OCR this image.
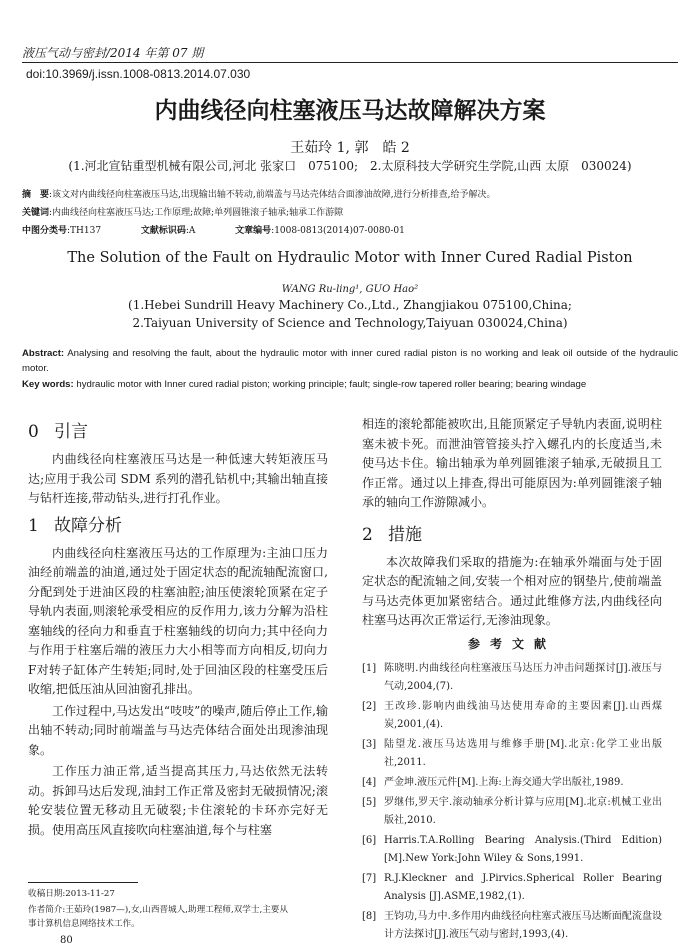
液压气动与密封/2014 年第 07 期
doi:10.3969/j.issn.1008-0813.2014.07.030
内曲线径向柱塞液压马达故障解决方案
王茹玲 1, 郭　皓 2
(1.河北宣钻重型机械有限公司,河北 张家口　075100;　2.太原科技大学研究生学院,山西 太原　030024)
摘　要:该文对内曲线径向柱塞液压马达,出现输出轴不转动,前端盖与马达壳体结合面渗油故障,进行分析排查,给予解决。
关键词:内曲线径向柱塞液压马达;工作原理;故障;单列圆锥滚子轴承;轴承工作游隙
中图分类号:TH137	文献标识码:A	文章编号:1008-0813(2014)07-0080-01
The Solution of the Fault on Hydraulic Motor with Inner Cured Radial Piston
WANG Ru-ling¹, GUO Hao²
(1.Hebei Sundrill Heavy Machinery Co.,Ltd., Zhangjiakou 075100,China;
2.Taiyuan University of Science and Technology,Taiyuan 030024,China)
Abstract: Analysing and resolving the fault, about the hydraulic motor with inner cured radial piston is no working and leak oil outside of the hydraulic motor.
Key words: hydraulic motor with Inner cured radial piston; working principle; fault; single-row tapered roller bearing; bearing windage
0 引言

内曲线径向柱塞液压马达是一种低速大转矩液压马达;应用于我公司 SDM 系列的潜孔钻机中;其输出轴直接与钻杆连接,带动钻头,进行打孔作业。

1 故障分析

内曲线径向柱塞液压马达的工作原理为:主油口压力油经前端盖的油道,通过处于固定状态的配流轴配流窗口,分配到处于进油区段的柱塞油腔;油压使滚轮顶紧在定子导轨内表面,则滚轮承受相应的反作用力,该力分解为沿柱塞轴线的径向力和垂直于柱塞轴线的切向力;其中径向力与作用于柱塞后端的液压力大小相等而方向相反,切向力F对转子缸体产生转矩;同时,处于回油区段的柱塞受压后收缩,把低压油从回油窗孔排出。

工作过程中,马达发出“吱吱”的噪声,随后停止工作,输出轴不转动;同时前端盖与马达壳体结合面处出现渗油现象。

工作压力油正常,适当提高其压力,马达依然无法转动。拆卸马达后发现,油封工作正常及密封无破损情况;滚轮安装位置无移动且无破裂;卡住滚轮的卡环亦完好无损。使用高压风直接吹向柱塞油道,每个与柱塞

相连的滚轮都能被吹出,且能顶紧定子导轨内表面,说明柱塞未被卡死。而泄油管管接头拧入螺孔内的长度适当,未使马达卡住。输出轴承为单列圆锥滚子轴承,无破损且工作正常。通过以上排查,得出可能原因为:单列圆锥滚子轴承的轴向工作游隙减小。

2 措施

本次故障我们采取的措施为:在轴承外端面与处于固定状态的配流轴之间,安装一个相对应的钢垫片,使前端盖与马达壳体更加紧密结合。通过此维修方法,内曲线径向柱塞马达再次正常运行,无渗油现象。

参考文献
[1] 陈晓明.内曲线径向柱塞液压马达压力冲击问题探讨[J].液压与气动,2004,(7).
[2] 王改珍.影响内曲线油马达使用寿命的主要因素[J].山西煤炭,2001,(4).
[3] 陆望龙.液压马达选用与维修手册[M].北京:化学工业出版社,2011.
[4] 严金坤.液压元件[M].上海:上海交通大学出版社,1989.
[5] 罗继伟,罗天宇.滚动轴承分析计算与应用[M].北京:机械工业出版社,2010.
[6] Harris.T.A.Rolling Bearing Analysis.(Third Edition)[M].New York:John Wiley & Sons,1991.
[7] R.J.Kleckner and J.Pirvics.Spherical Roller Bearing Analysis [J].ASME,1982,(1).
[8] 王钧功,马力中.多作用内曲线径向柱塞式液压马达断面配流盘设计方法探讨[J].液压气动与密封,1993,(4).
收稿日期:2013-11-27
作者简介:王茹玲(1987—),女,山西晋城人,助理工程师,双学士,主要从
事计算机信息网络技术工作。
80
